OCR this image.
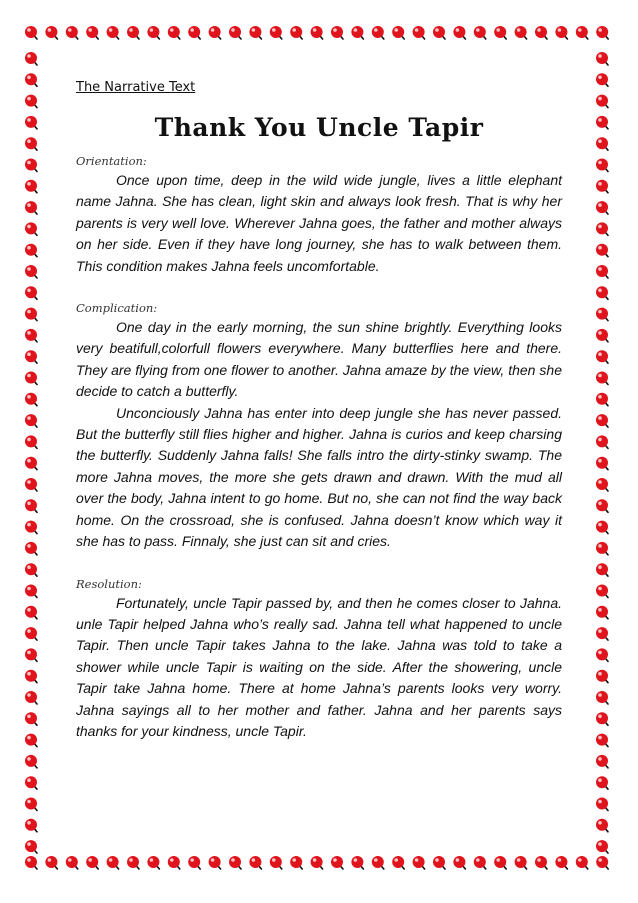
The Narrative Text

Thank You Uncle Tapir
Orientation:

Once upon time, deep in the wild wide jungle, lives a little elephant name Jahna. She has clean, light skin and always look fresh. That is why her parents is very well love. Wherever Jahna goes, the father and mother always on her side. Even if they have long journey, she has to walk between them. This condition makes Jahna feels uncomfortable.

Complication:

One day in the early morning, the sun shine brightly. Everything looks very beatifull,colorfull flowers everywhere. Many butterflies here and there. They are flying from one flower to another. Jahna amaze by the view, then she decide to catch a butterfly.

Unconciously Jahna has enter into deep jungle she has never passed. But the butterfly still flies higher and higher. Jahna is curios and keep charsing the butterfly. Suddenly Jahna falls! She falls intro the dirty-stinky swamp. The more Jahna moves, the more she gets drawn and drawn. With the mud all over the body, Jahna intent to go home. But no, she can not find the way back home. On the crossroad, she is confused. Jahna doesn’t know which way it she has to pass. Finnaly, she just can sit and cries.

Resolution:

Fortunately, uncle Tapir passed by, and then he comes closer to Jahna. unle Tapir helped Jahna who’s really sad. Jahna tell what happened to uncle Tapir. Then uncle Tapir takes Jahna to the lake. Jahna was told to take a shower while uncle Tapir is waiting on the side. After the showering, uncle Tapir take Jahna home. There at home Jahna’s parents looks very worry. Jahna sayings all to her mother and father. Jahna and her parents says thanks for your kindness, uncle Tapir.
